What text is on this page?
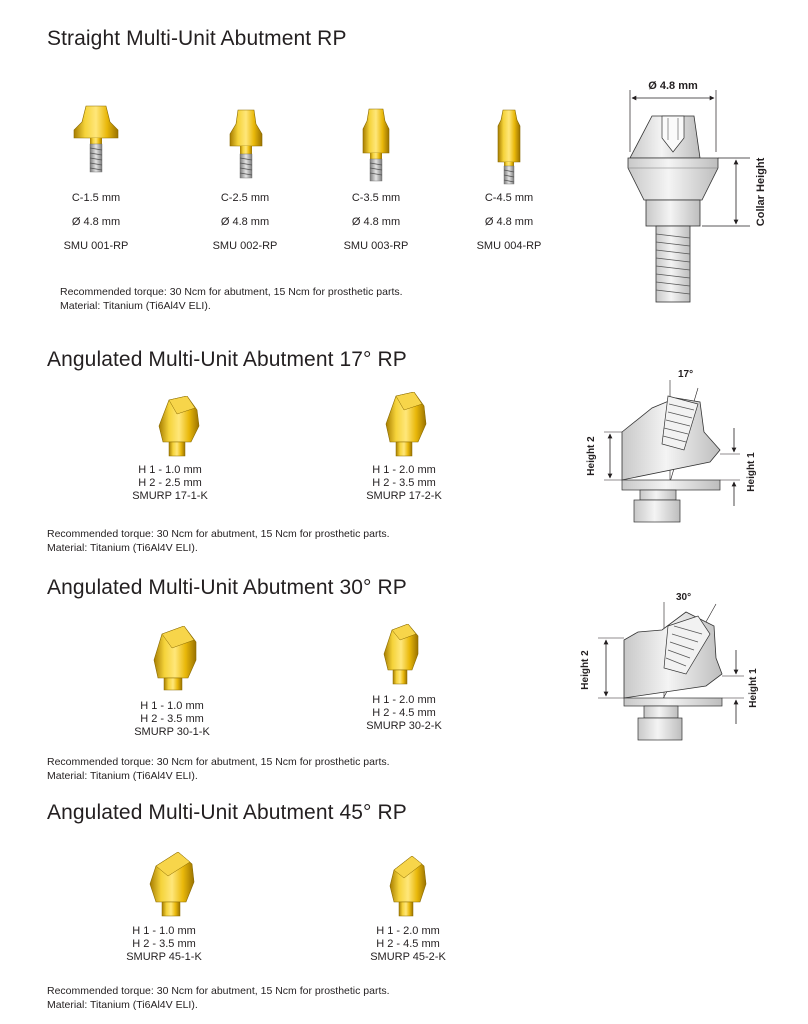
Straight Multi-Unit Abutment RP
C-1.5 mm
Ø 4.8 mm
SMU 001-RP
C-2.5 mm
Ø 4.8 mm
SMU 002-RP
C-3.5 mm
Ø 4.8 mm
SMU 003-RP
C-4.5 mm
Ø 4.8 mm
SMU 004-RP
Recommended torque: 30 Ncm for abutment, 15 Ncm for prosthetic parts.
Material: Titanium (Ti6Al4V ELI).
Ø 4.8 mm
Collar Height
Angulated Multi-Unit Abutment 17° RP
H 1 - 1.0 mm
H 2 - 2.5 mm
SMURP 17-1-K
H 1 - 2.0 mm
H 2 - 3.5 mm
SMURP 17-2-K
Recommended torque: 30 Ncm for abutment, 15 Ncm for prosthetic parts.
Material: Titanium (Ti6Al4V ELI).
17°
Height 2	Height 1
Angulated Multi-Unit Abutment 30° RP
H 1 - 1.0 mm
H 2 - 3.5 mm
SMURP 30-1-K
H 1 - 2.0 mm
H 2 - 4.5 mm
SMURP 30-2-K
Recommended torque: 30 Ncm for abutment, 15 Ncm for prosthetic parts.
Material: Titanium (Ti6Al4V ELI).
30°
Height 2	Height 1
Angulated Multi-Unit Abutment 45° RP
H 1 - 1.0 mm
H 2 - 3.5 mm
SMURP 45-1-K
H 1 - 2.0 mm
H 2 - 4.5 mm
SMURP 45-2-K
Recommended torque: 30 Ncm for abutment, 15 Ncm for prosthetic parts.
Material: Titanium (Ti6Al4V ELI).
